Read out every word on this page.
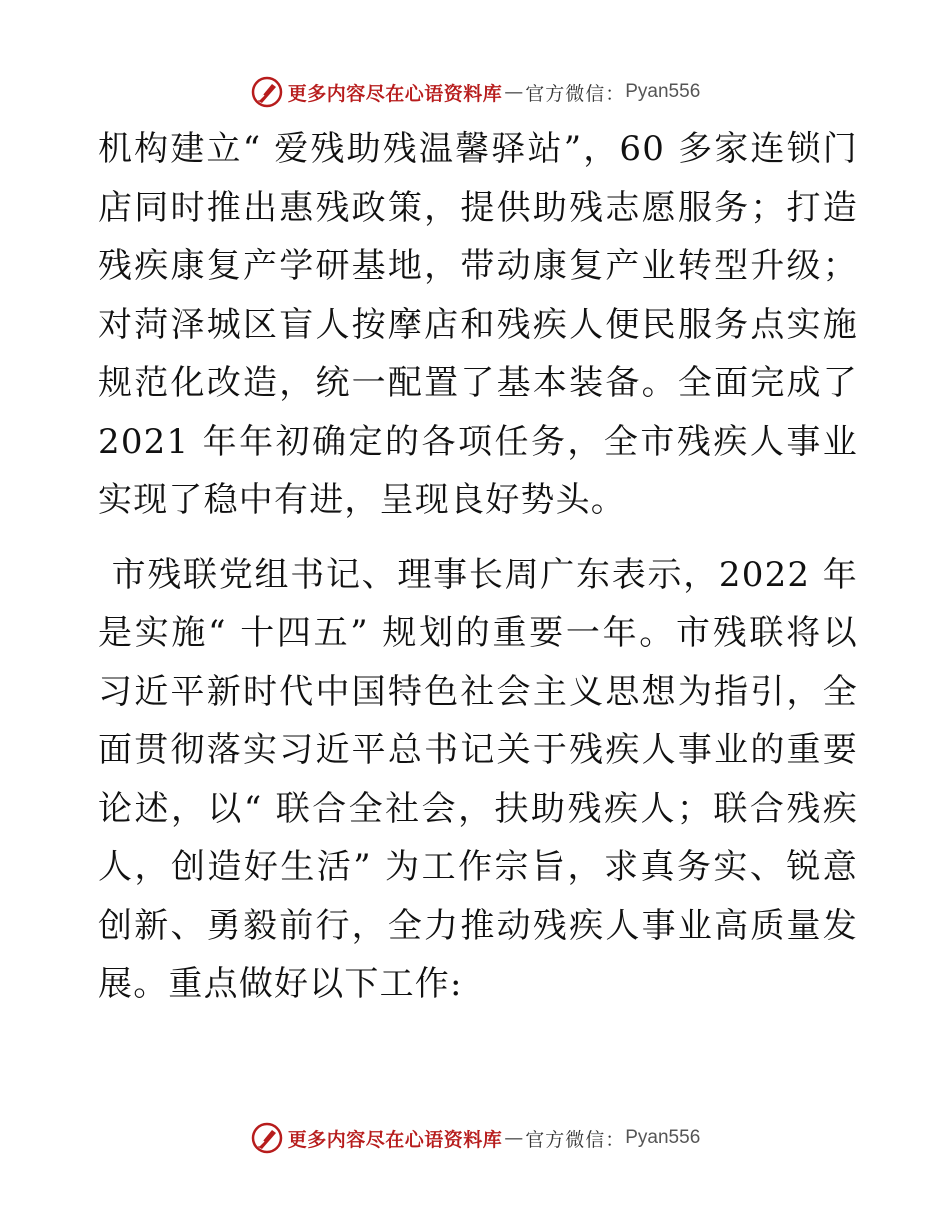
更多内容尽在心语资料库 — 官方微信： Pyan556

机构建立“ 爱残助残温馨驿站”，60 多家连锁门店同时推出惠残政策，提供助残志愿服务；打造残疾康复产学研基地，带动康复产业转型升级；对菏泽城区盲人按摩店和残疾人便民服务点实施规范化改造，统一配置了基本装备。全面完成了 2021 年年初确定的各项任务，全市残疾人事业实现了稳中有进，呈现良好势头。

市残联党组书记、理事长周广东表示，2022 年是实施“ 十四五” 规划的重要一年。市残联将以习近平新时代中国特色社会主义思想为指引，全面贯彻落实习近平总书记关于残疾人事业的重要论述，以“ 联合全社会，扶助残疾人；联合残疾人，创造好生活” 为工作宗旨，求真务实、锐意创新、勇毅前行，全力推动残疾人事业高质量发展。重点做好以下工作:

更多内容尽在心语资料库 — 官方微信： Pyan556
